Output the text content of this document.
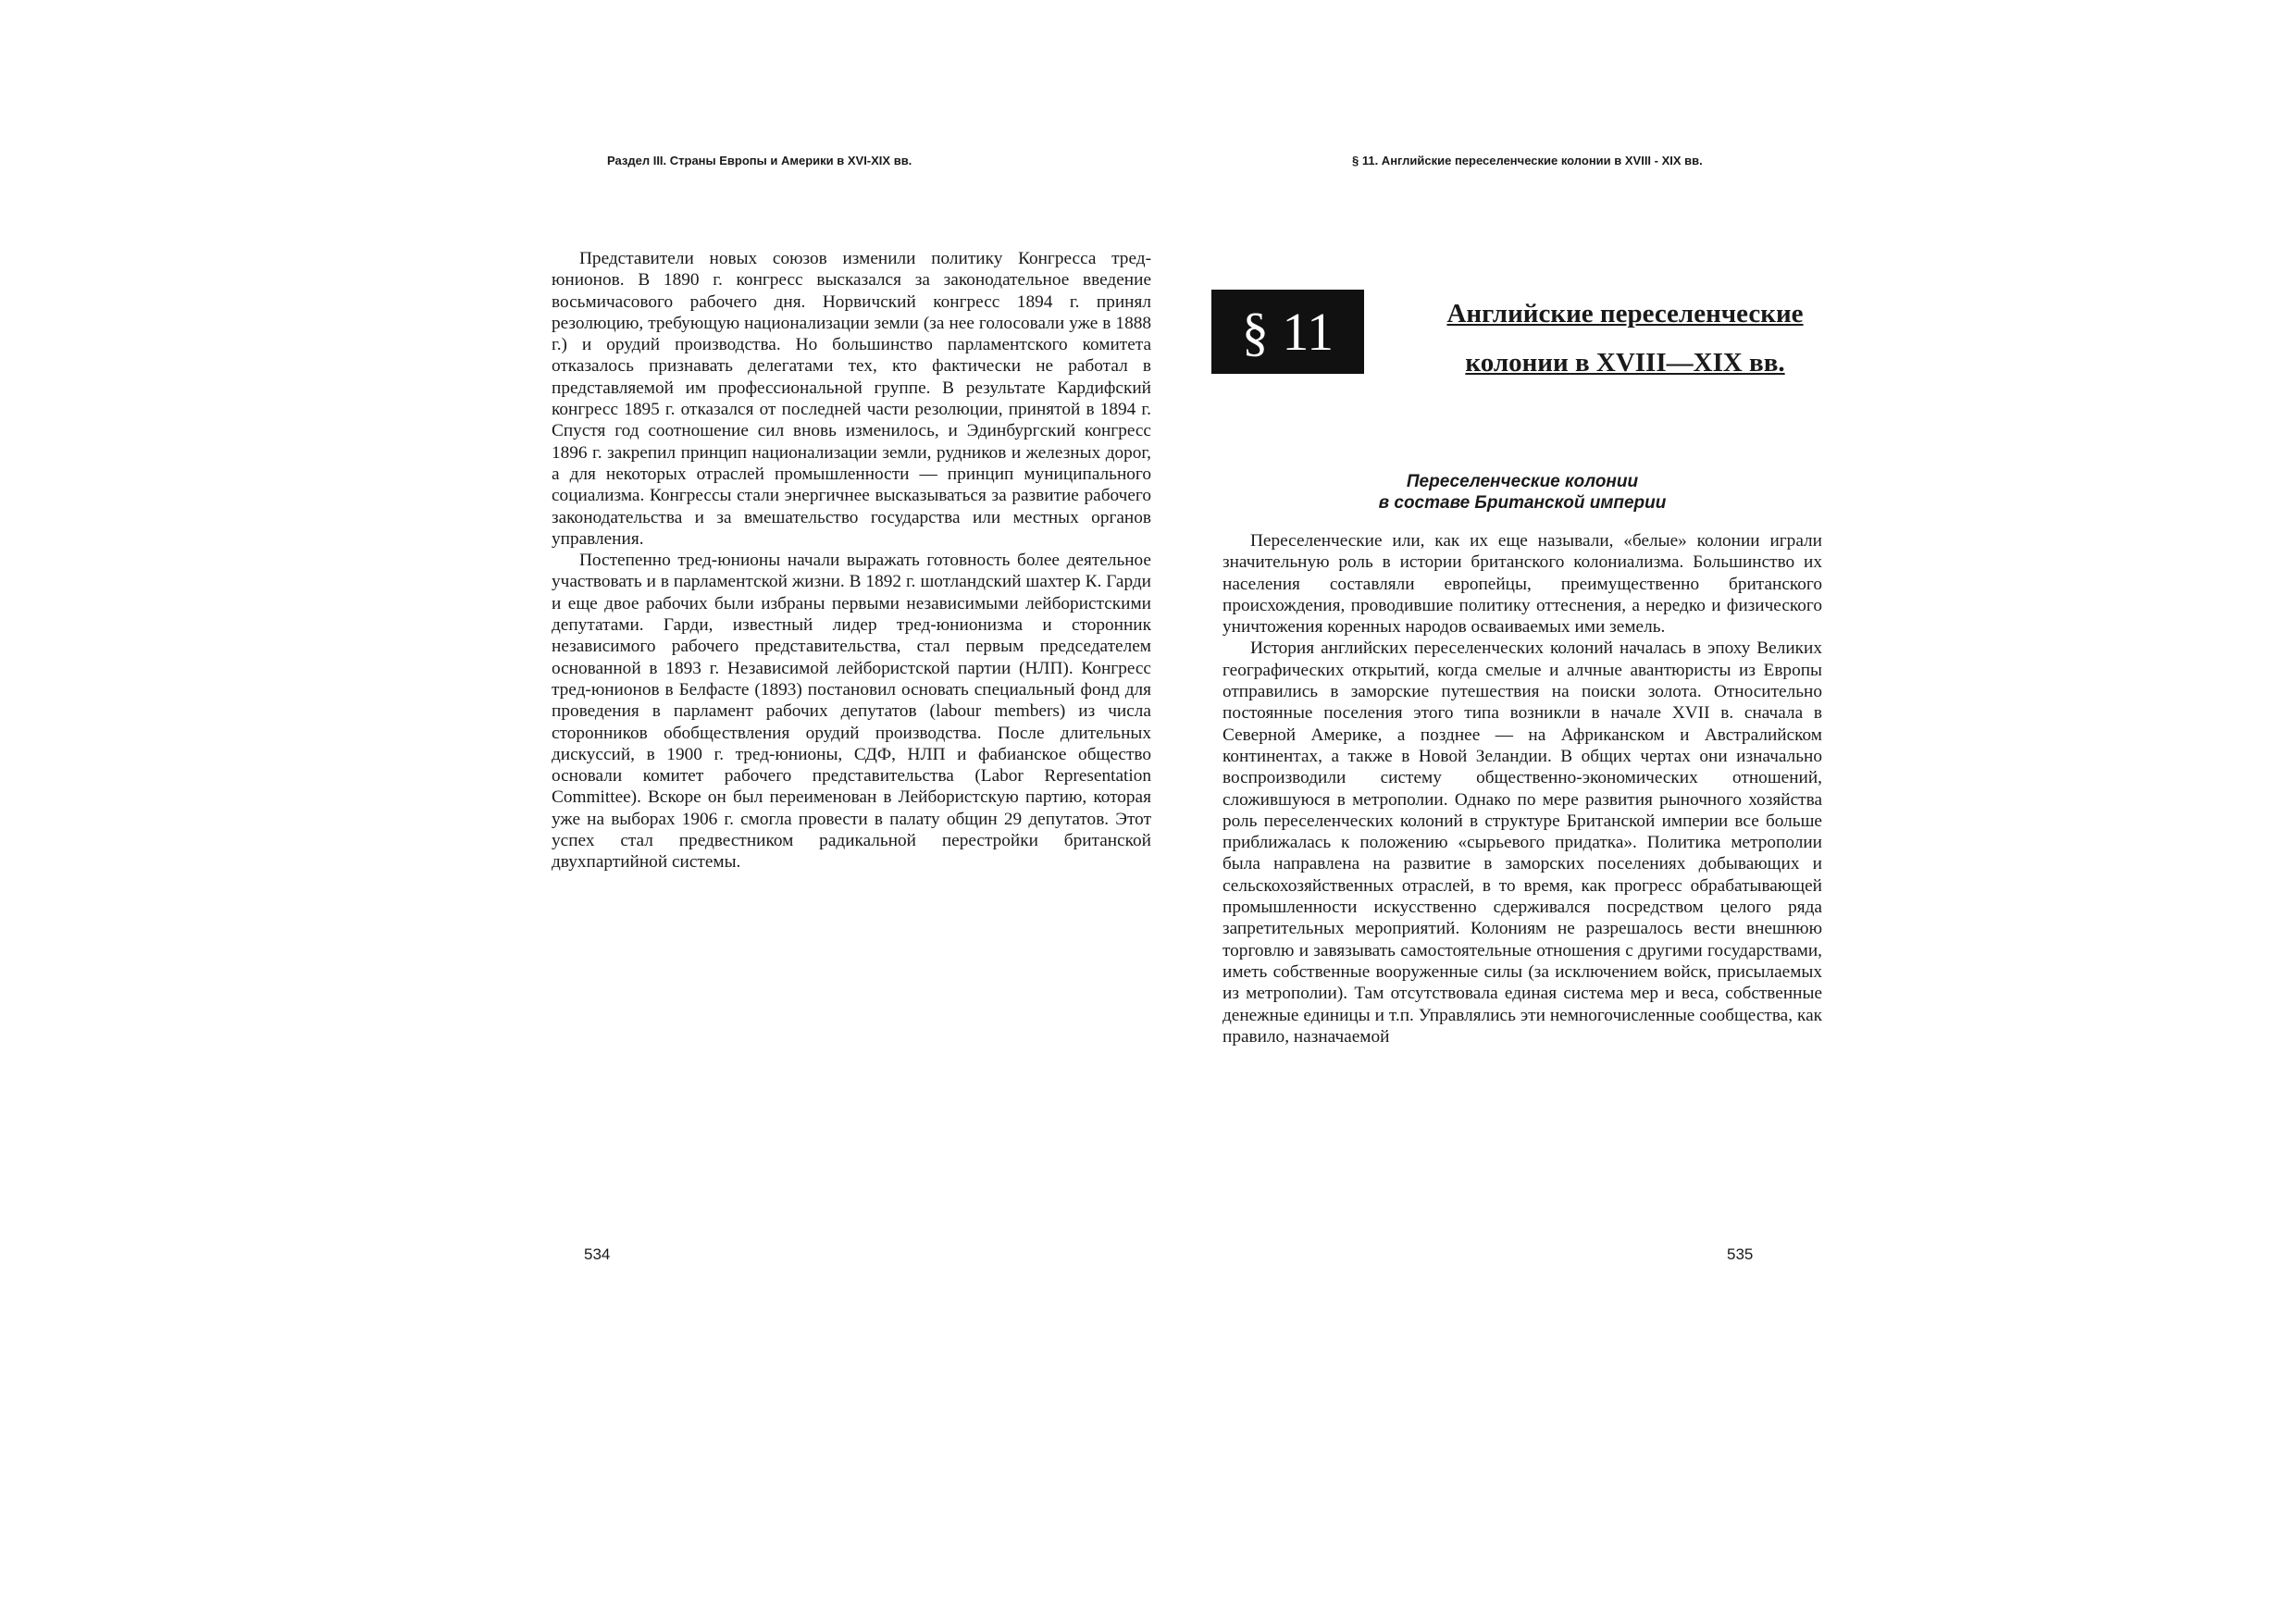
Раздел III. Страны Европы и Америки в XVI-XIX вв.

Представители новых союзов изменили политику Конгресса тред-юнионов. В 1890 г. конгресс высказался за законодательное введение восьмичасового рабочего дня. Норвичский конгресс 1894 г. принял резолюцию, требующую национализации земли (за нее голосовали уже в 1888 г.) и орудий производства. Но большинство парламентского комитета отказалось признавать делегатами тех, кто фактически не работал в представляемой им профессиональной группе. В результате Кардифский конгресс 1895 г. отказался от последней части резолюции, принятой в 1894 г. Спустя год соотношение сил вновь изменилось, и Эдинбургский конгресс 1896 г. закрепил принцип национализации земли, рудников и железных дорог, а для некоторых отраслей промышленности — принцип муниципального социализма. Конгрессы стали энергичнее высказываться за развитие рабочего законодательства и за вмешательство государства или местных органов управления.

Постепенно тред-юнионы начали выражать готовность более деятельное участвовать и в парламентской жизни. В 1892 г. шотландский шахтер К. Гарди и еще двое рабочих были избраны первыми независимыми лейбористскими депутатами. Гарди, известный лидер тред-юнионизма и сторонник независимого рабочего представительства, стал первым председателем основанной в 1893 г. Независимой лейбористской партии (НЛП). Конгресс тред-юнионов в Белфасте (1893) постановил основать специальный фонд для проведения в парламент рабочих депутатов (labour members) из числа сторонников обобществления орудий производства. После длительных дискуссий, в 1900 г. тред-юнионы, СДФ, НЛП и фабианское общество основали комитет рабочего представительства (Labor Representation Committee). Вскоре он был переименован в Лейбористскую партию, которая уже на выборах 1906 г. смогла провести в палату общин 29 депутатов. Этот успех стал предвестником радикальной перестройки британской двухпартийной системы.

534
§ 11. Английские переселенческие колонии в XVIII - XIX вв.
§ 11	Английские переселенческие
колонии в XVIII—XIX вв.
Переселенческие колонии
в составе Британской империи

Переселенческие или, как их еще называли, «белые» колонии играли значительную роль в истории британского колониализма. Большинство их населения составляли европейцы, преимущественно британского происхождения, проводившие политику оттеснения, а нередко и физического уничтожения коренных народов осваиваемых ими земель.

История английских переселенческих колоний началась в эпоху Великих географических открытий, когда смелые и алчные авантюристы из Европы отправились в заморские путешествия на поиски золота. Относительно постоянные поселения этого типа возникли в начале XVII в. сначала в Северной Америке, а позднее — на Африканском и Австралийском континентах, а также в Новой Зеландии. В общих чертах они изначально воспроизводили систему общественно-экономических отношений, сложившуюся в метрополии. Однако по мере развития рыночного хозяйства роль переселенческих колоний в структуре Британской империи все больше приближалась к положению «сырьевого придатка». Политика метрополии была направлена на развитие в заморских поселениях добывающих и сельскохозяйственных отраслей, в то время, как прогресс обрабатывающей промышленности искусственно сдерживался посредством целого ряда запретительных мероприятий. Колониям не разрешалось вести внешнюю торговлю и завязывать самостоятельные отношения с другими государствами, иметь собственные вооруженные силы (за исключением войск, присылаемых из метрополии). Там отсутствовала единая система мер и веса, собственные денежные единицы и т.п. Управлялись эти немногочисленные сообщества, как правило, назначаемой

535
